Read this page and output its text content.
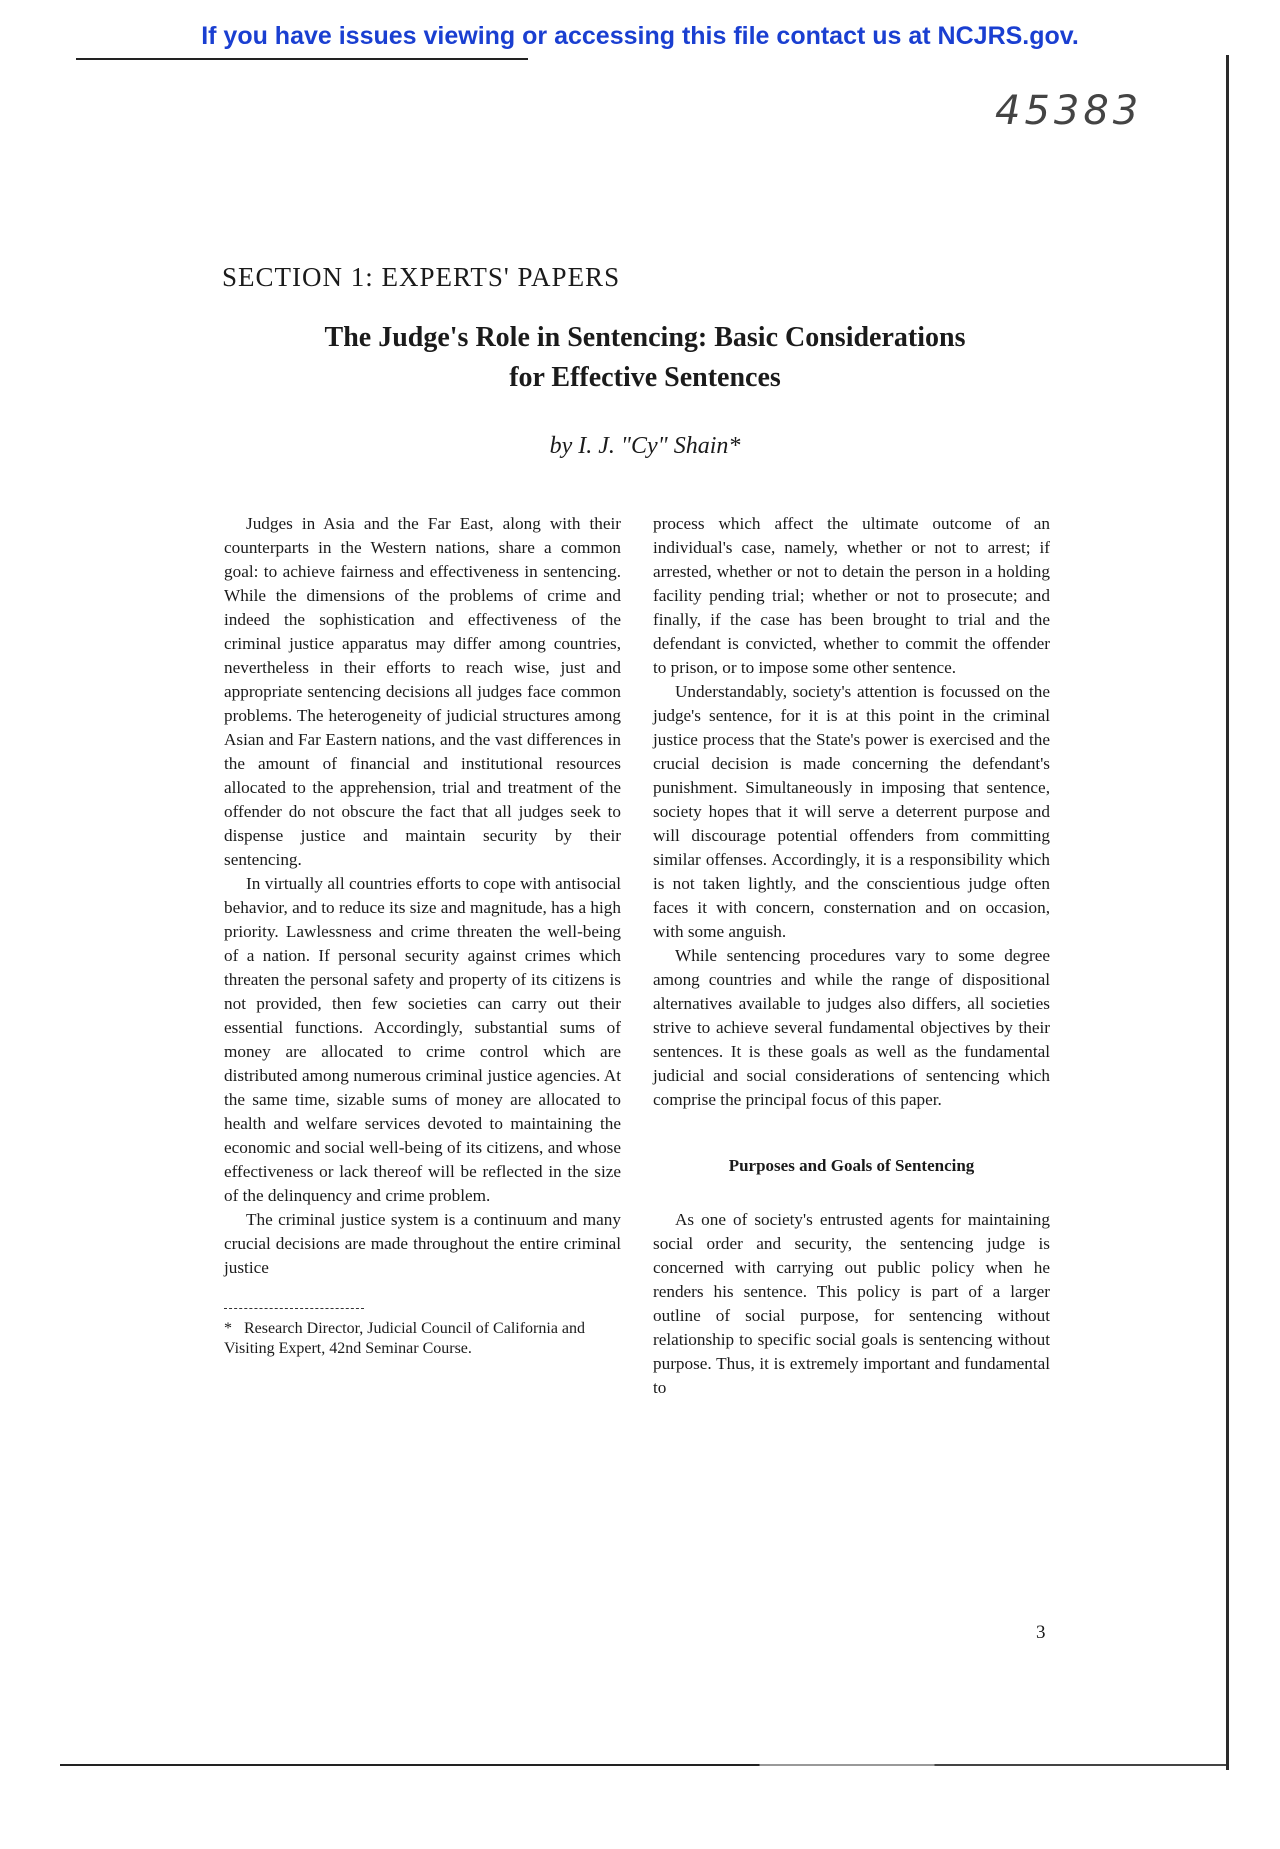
If you have issues viewing or accessing this file contact us at NCJRS.gov.
45383
SECTION 1: EXPERTS' PAPERS
The Judge's Role in Sentencing: Basic Considerations
for Effective Sentences
by I. J. "Cy" Shain*

Judges in Asia and the Far East, along with their counterparts in the Western nations, share a common goal: to achieve fairness and effectiveness in sentencing. While the dimensions of the problems of crime and indeed the sophistication and effectiveness of the criminal justice apparatus may differ among countries, nevertheless in their efforts to reach wise, just and appropriate sentencing decisions all judges face common problems. The heterogeneity of judicial structures among Asian and Far Eastern nations, and the vast differences in the amount of financial and institutional resources allocated to the apprehension, trial and treatment of the offender do not obscure the fact that all judges seek to dispense justice and maintain security by their sentencing.

In virtually all countries efforts to cope with antisocial behavior, and to reduce its size and magnitude, has a high priority. Lawlessness and crime threaten the well-being of a nation. If personal security against crimes which threaten the personal safety and property of its citizens is not provided, then few societies can carry out their essential functions. Accordingly, substantial sums of money are allocated to crime control which are distributed among numerous criminal justice agencies. At the same time, sizable sums of money are allocated to health and welfare services devoted to maintaining the economic and social well-being of its citizens, and whose effectiveness or lack thereof will be reflected in the size of the delinquency and crime problem.

The criminal justice system is a continuum and many crucial decisions are made throughout the entire criminal justice

* Research Director, Judicial Council of California and Visiting Expert, 42nd Seminar Course.

process which affect the ultimate outcome of an individual's case, namely, whether or not to arrest; if arrested, whether or not to detain the person in a holding facility pending trial; whether or not to prosecute; and finally, if the case has been brought to trial and the defendant is convicted, whether to commit the offender to prison, or to impose some other sentence.

Understandably, society's attention is focussed on the judge's sentence, for it is at this point in the criminal justice process that the State's power is exercised and the crucial decision is made concerning the defendant's punishment. Simultaneously in imposing that sentence, society hopes that it will serve a deterrent purpose and will discourage potential offenders from committing similar offenses. Accordingly, it is a responsibility which is not taken lightly, and the conscientious judge often faces it with concern, consternation and on occasion, with some anguish.

While sentencing procedures vary to some degree among countries and while the range of dispositional alternatives available to judges also differs, all societies strive to achieve several fundamental objectives by their sentences. It is these goals as well as the fundamental judicial and social considerations of sentencing which comprise the principal focus of this paper.

Purposes and Goals of Sentencing

As one of society's entrusted agents for maintaining social order and security, the sentencing judge is concerned with carrying out public policy when he renders his sentence. This policy is part of a larger outline of social purpose, for sentencing without relationship to specific social goals is sentencing without purpose. Thus, it is extremely important and fundamental to

3
